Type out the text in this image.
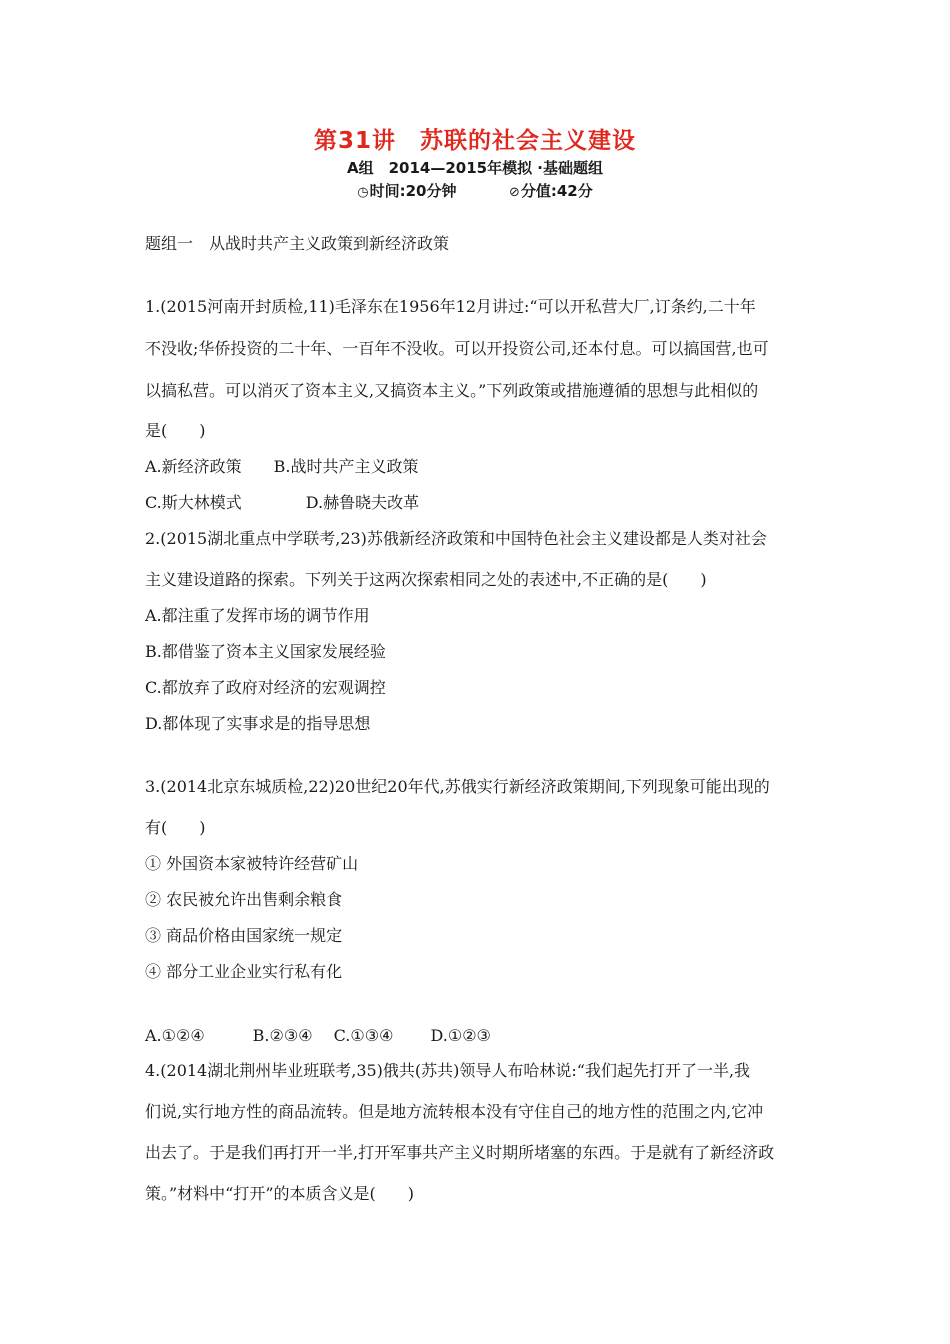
第31讲　苏联的社会主义建设
A组　2014—2015年模拟 ·基础题组
◷时间:20分钟	⊘分值:42分
题组一　从战时共产主义政策到新经济政策
1.(2015河南开封质检,11)毛泽东在1956年12月讲过:“可以开私营大厂,订条约,二十年
不没收;华侨投资的二十年、一百年不没收。可以开投资公司,还本付息。可以搞国营,也可
以搞私营。可以消灭了资本主义,又搞资本主义。”下列政策或措施遵循的思想与此相似的
是(　　)
A.新经济政策　　B.战时共产主义政策
C.斯大林模式　　　　D.赫鲁晓夫改革
2.(2015湖北重点中学联考,23)苏俄新经济政策和中国特色社会主义建设都是人类对社会
主义建设道路的探索。下列关于这两次探索相同之处的表述中,不正确的是(　　)
A.都注重了发挥市场的调节作用
B.都借鉴了资本主义国家发展经验
C.都放弃了政府对经济的宏观调控
D.都体现了实事求是的指导思想
3.(2014北京东城质检,22)20世纪20年代,苏俄实行新经济政策期间,下列现象可能出现的
有(　　)
① 外国资本家被特许经营矿山
② 农民被允许出售剩余粮食
③ 商品价格由国家统一规定
④ 部分工业企业实行私有化
A.①②④　　　B.②③④　 C.①③④　　 D.①②③
4.(2014湖北荆州毕业班联考,35)俄共(苏共)领导人布哈林说:“我们起先打开了一半,我
们说,实行地方性的商品流转。但是地方流转根本没有守住自己的地方性的范围之内,它冲
出去了。于是我们再打开一半,打开军事共产主义时期所堵塞的东西。于是就有了新经济政
策。”材料中“打开”的本质含义是(　　)
